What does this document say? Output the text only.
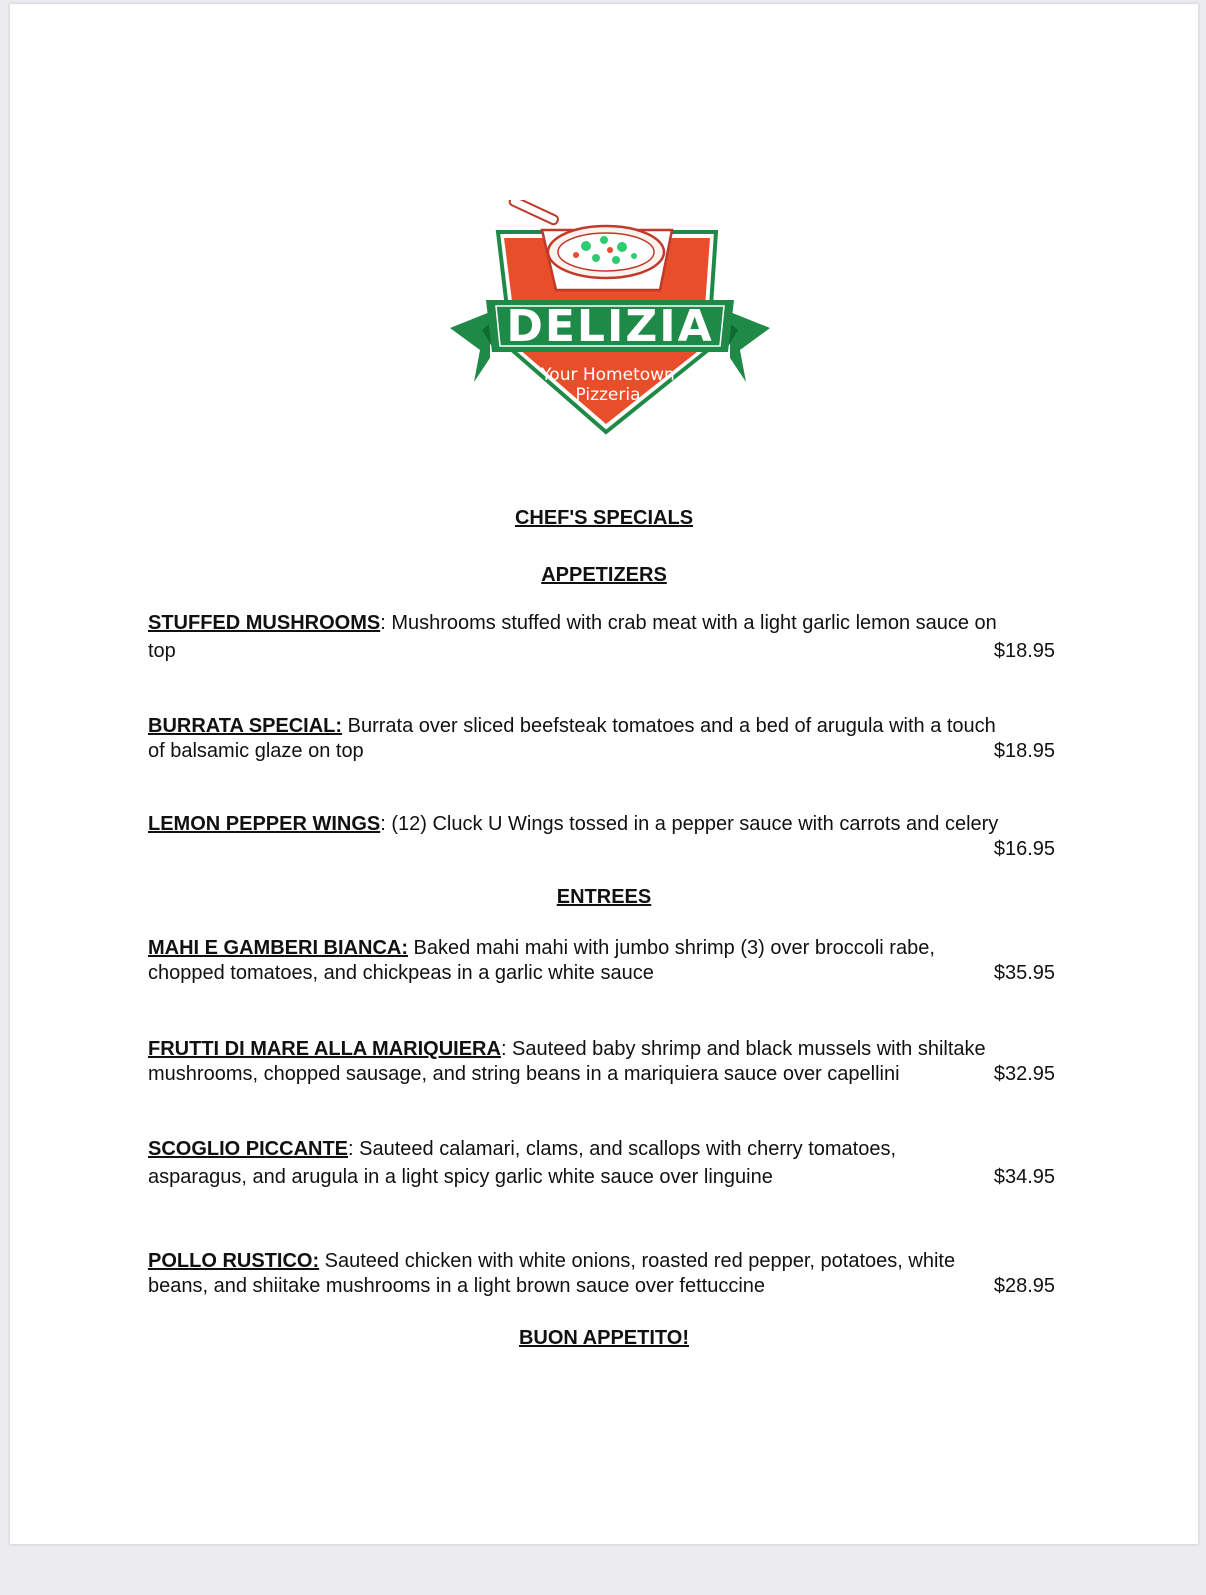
DELIZIA
Your Hometown
Pizzeria
CHEF'S SPECIALS
APPETIZERS
STUFFED MUSHROOMS: Mushrooms stuffed with crab meat with a light garlic lemon sauce on
top	$18.95
BURRATA SPECIAL: Burrata over sliced beefsteak tomatoes and a bed of arugula with a touch
of balsamic glaze on top	$18.95
LEMON PEPPER WINGS: (12) Cluck U Wings tossed in a pepper sauce with carrots and celery
$16.95
ENTREES
MAHI E GAMBERI BIANCA: Baked mahi mahi with jumbo shrimp (3) over broccoli rabe,
chopped tomatoes, and chickpeas in a garlic white sauce	$35.95
FRUTTI DI MARE ALLA MARIQUIERA: Sauteed baby shrimp and black mussels with shiltake
mushrooms, chopped sausage, and string beans in a mariquiera sauce over capellini	$32.95
SCOGLIO PICCANTE: Sauteed calamari, clams, and scallops with cherry tomatoes,
asparagus, and arugula in a light spicy garlic white sauce over linguine	$34.95
POLLO RUSTICO: Sauteed chicken with white onions, roasted red pepper, potatoes, white
beans, and shiitake mushrooms in a light brown sauce over fettuccine	$28.95
BUON APPETITO!
